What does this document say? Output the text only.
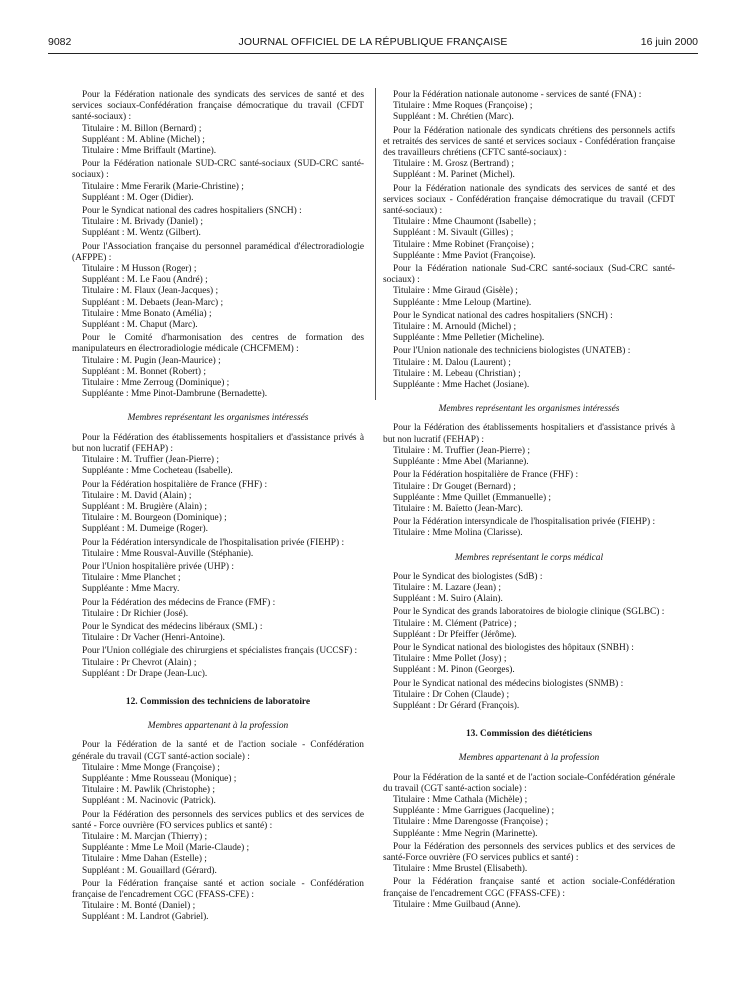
9082	JOURNAL OFFICIEL DE LA RÉPUBLIQUE FRANÇAISE	16 juin 2000

Pour la Fédération nationale des syndicats des services de santé et des services sociaux-Confédération française démocratique du travail (CFDT santé-sociaux) :

Titulaire : M. Billon (Bernard) ;

Suppléant : M. Abline (Michel) ;

Titulaire : Mme Briffault (Martine).

Pour la Fédération nationale SUD-CRC santé-sociaux (SUD-CRC santé-sociaux) :

Titulaire : Mme Ferarik (Marie-Christine) ;

Suppléant : M. Oger (Didier).

Pour le Syndicat national des cadres hospitaliers (SNCH) :

Titulaire : M. Brivady (Daniel) ;

Suppléant : M. Wentz (Gilbert).

Pour l'Association française du personnel paramédical d'électroradiologie (AFPPE) :

Titulaire : M Husson (Roger) ;

Suppléant : M. Le Faou (André) ;

Titulaire : M. Flaux (Jean-Jacques) ;

Suppléant : M. Debaets (Jean-Marc) ;

Titulaire : Mme Bonato (Amélia) ;

Suppléant : M. Chaput (Marc).

Pour le Comité d'harmonisation des centres de formation des manipulateurs en électroradiologie médicale (CHCFMEM) :

Titulaire : M. Pugin (Jean-Maurice) ;

Suppléant : M. Bonnet (Robert) ;

Titulaire : Mme Zerroug (Dominique) ;

Suppléante : Mme Pinot-Dambrune (Bernadette).

Membres représentant les organismes intéressés

Pour la Fédération des établissements hospitaliers et d'assistance privés à but non lucratif (FEHAP) :

Titulaire : M. Truffier (Jean-Pierre) ;

Suppléante : Mme Cocheteau (Isabelle).

Pour la Fédération hospitalière de France (FHF) :

Titulaire : M. David (Alain) ;

Suppléant : M. Brugière (Alain) ;

Titulaire : M. Bourgeon (Dominique) ;

Suppléant : M. Dumeige (Roger).

Pour la Fédération intersyndicale de l'hospitalisation privée (FIEHP) :

Titulaire : Mme Rousval-Auville (Stéphanie).

Pour l'Union hospitalière privée (UHP) :

Titulaire : Mme Planchet ;

Suppléante : Mme Macry.

Pour la Fédération des médecins de France (FMF) :

Titulaire : Dr Richier (José).

Pour le Syndicat des médecins libéraux (SML) :

Titulaire : Dr Vacher (Henri-Antoine).

Pour l'Union collégiale des chirurgiens et spécialistes français (UCCSF) :

Titulaire : Pr Chevrot (Alain) ;

Suppléant : Dr Drape (Jean-Luc).

12. Commission des techniciens de laboratoire

Membres appartenant à la profession

Pour la Fédération de la santé et de l'action sociale - Confédération générale du travail (CGT santé-action sociale) :

Titulaire : Mme Monge (Françoise) ;

Suppléante : Mme Rousseau (Monique) ;

Titulaire : M. Pawlik (Christophe) ;

Suppléant : M. Nacinovic (Patrick).

Pour la Fédération des personnels des services publics et des services de santé - Force ouvrière (FO services publics et santé) :

Titulaire : M. Marcjan (Thierry) ;

Suppléante : Mme Le Moil (Marie-Claude) ;

Titulaire : Mme Dahan (Estelle) ;

Suppléant : M. Gouaillard (Gérard).

Pour la Fédération française santé et action sociale - Confédération française de l'encadrement CGC (FFASS-CFE) :

Titulaire : M. Bonté (Daniel) ;

Suppléant : M. Landrot (Gabriel).

Pour la Fédération nationale autonome - services de santé (FNA) :

Titulaire : Mme Roques (Françoise) ;

Suppléant : M. Chrétien (Marc).

Pour la Fédération nationale des syndicats chrétiens des personnels actifs et retraités des services de santé et services sociaux - Confédération française des travailleurs chrétiens (CFTC santé-sociaux) :

Titulaire : M. Grosz (Bertrand) ;

Suppléant : M. Parinet (Michel).

Pour la Fédération nationale des syndicats des services de santé et des services sociaux - Confédération française démocratique du travail (CFDT santé-sociaux) :

Titulaire : Mme Chaumont (Isabelle) ;

Suppléant : M. Sivault (Gilles) ;

Titulaire : Mme Robinet (Françoise) ;

Suppléante : Mme Paviot (Françoise).

Pour la Fédération nationale Sud-CRC santé-sociaux (Sud-CRC santé-sociaux) :

Titulaire : Mme Giraud (Gisèle) ;

Suppléante : Mme Leloup (Martine).

Pour le Syndicat national des cadres hospitaliers (SNCH) :

Titulaire : M. Arnould (Michel) ;

Suppléante : Mme Pelletier (Micheline).

Pour l'Union nationale des techniciens biologistes (UNATEB) :

Titulaire : M. Dalou (Laurent) ;

Titulaire : M. Lebeau (Christian) ;

Suppléante : Mme Hachet (Josiane).

Membres représentant les organismes intéressés

Pour la Fédération des établissements hospitaliers et d'assistance privés à but non lucratif (FEHAP) :

Titulaire : M. Truffier (Jean-Pierre) ;

Suppléante : Mme Abel (Marianne).

Pour la Fédération hospitalière de France (FHF) :

Titulaire : Dr Gouget (Bernard) ;

Suppléante : Mme Quillet (Emmanuelle) ;

Titulaire : M. Baïetto (Jean-Marc).

Pour la Fédération intersyndicale de l'hospitalisation privée (FIEHP) :

Titulaire : Mme Molina (Clarisse).

Membres représentant le corps médical

Pour le Syndicat des biologistes (SdB) :

Titulaire : M. Lazare (Jean) ;

Suppléant : M. Suiro (Alain).

Pour le Syndicat des grands laboratoires de biologie clinique (SGLBC) :

Titulaire : M. Clément (Patrice) ;

Suppléant : Dr Pfeiffer (Jérôme).

Pour le Syndicat national des biologistes des hôpitaux (SNBH) :

Titulaire : Mme Pollet (Josy) ;

Suppléant : M. Pinon (Georges).

Pour le Syndicat national des médecins biologistes (SNMB) :

Titulaire : Dr Cohen (Claude) ;

Suppléant : Dr Gérard (François).

13. Commission des diététiciens

Membres appartenant à la profession

Pour la Fédération de la santé et de l'action sociale-Confédération générale du travail (CGT santé-action sociale) :

Titulaire : Mme Cathala (Michèle) ;

Suppléante : Mme Garrigues (Jacqueline) ;

Titulaire : Mme Darengosse (Françoise) ;

Suppléante : Mme Negrin (Marinette).

Pour la Fédération des personnels des services publics et des services de santé-Force ouvrière (FO services publics et santé) :

Titulaire : Mme Brustel (Elisabeth).

Pour la Fédération française santé et action sociale-Confédération française de l'encadrement CGC (FFASS-CFE) :

Titulaire : Mme Guilbaud (Anne).
